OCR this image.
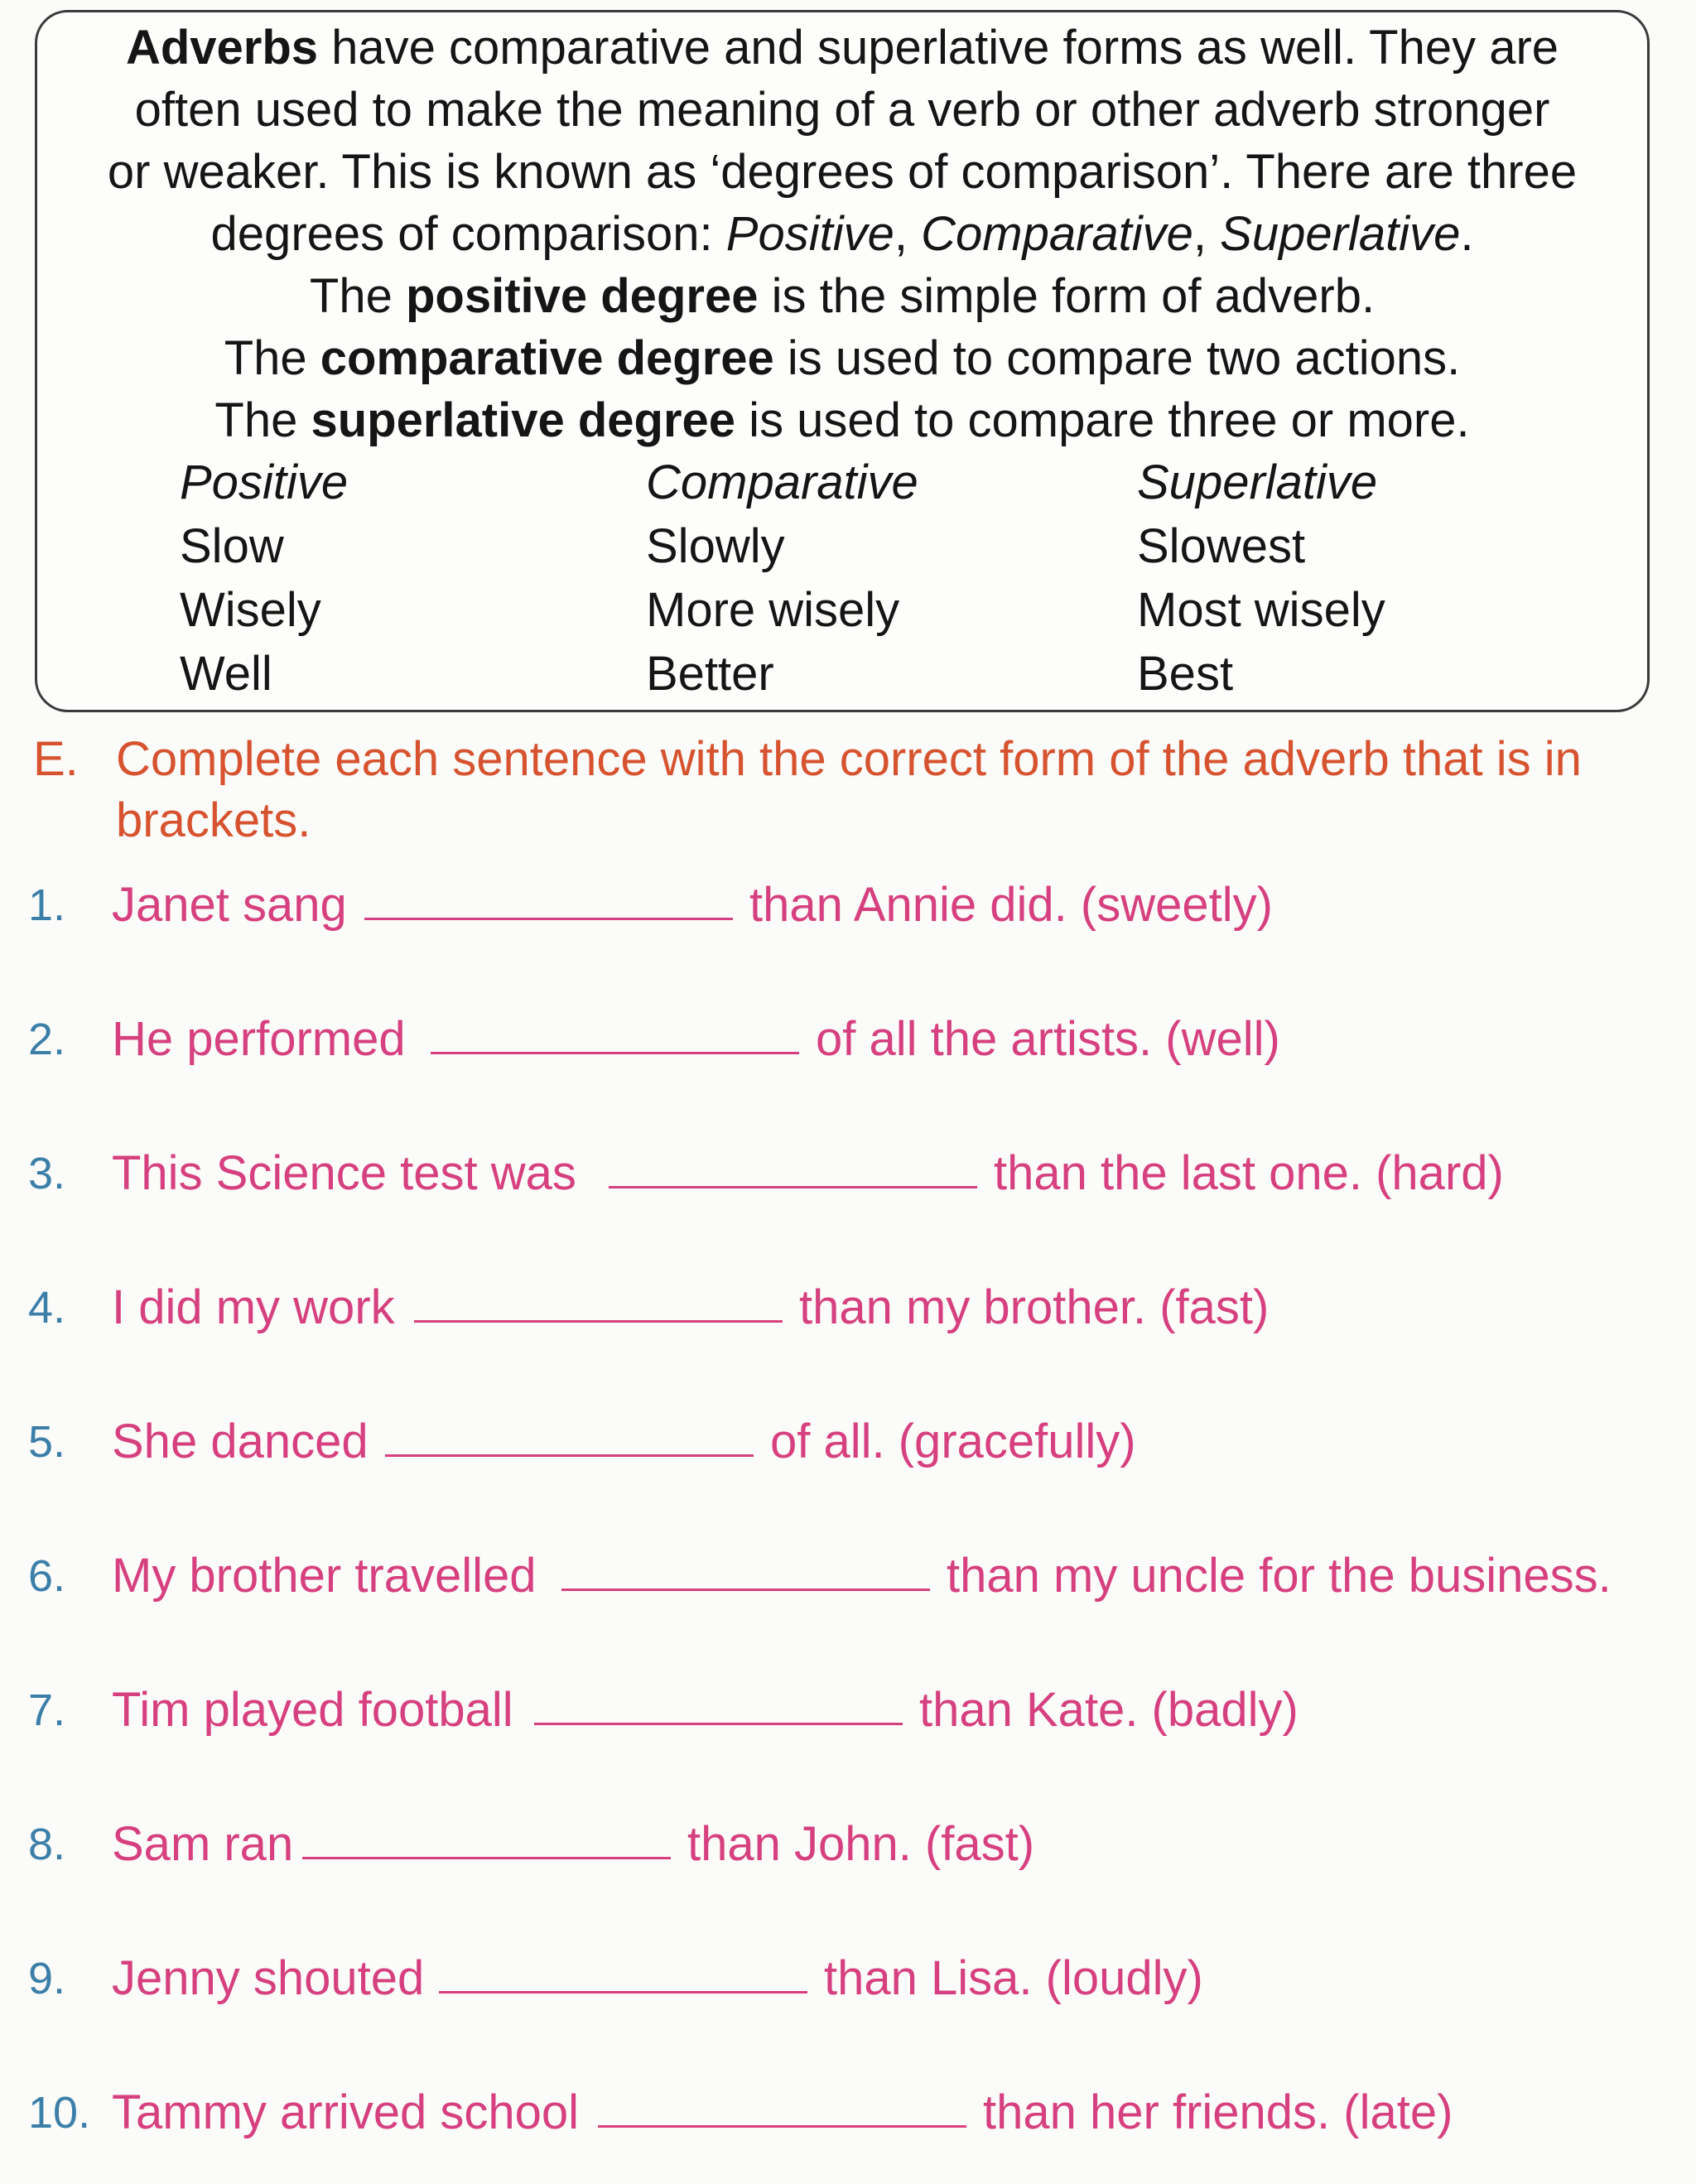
Adverbs have comparative and superlative forms as well. They are
often used to make the meaning of a verb or other adverb stronger
or weaker. This is known as ‘degrees of comparison’. There are three
degrees of comparison: Positive, Comparative, Superlative.
The positive degree is the simple form of adverb.
The comparative degree is used to compare two actions.
The superlative degree is used to compare three or more.
Positive	Comparative	Superlative
Slow	Slowly	Slowest
Wisely	More wisely	Most wisely
Well	Better	Best
E. Complete each sentence with the correct form of the adverb that is in brackets.
1. Janet sang	than Annie did. (sweetly)
2. He performed	of all the artists. (well)
3. This Science test was	than the last one. (hard)
4. I did my work	than my brother. (fast)
5. She danced	of all. (gracefully)
6. My brother travelled	than my uncle for the business.
7. Tim played football	than Kate. (badly)
8. Sam ran	than John. (fast)
9. Jenny shouted	than Lisa. (loudly)
10. Tammy arrived school	than her friends. (late)
